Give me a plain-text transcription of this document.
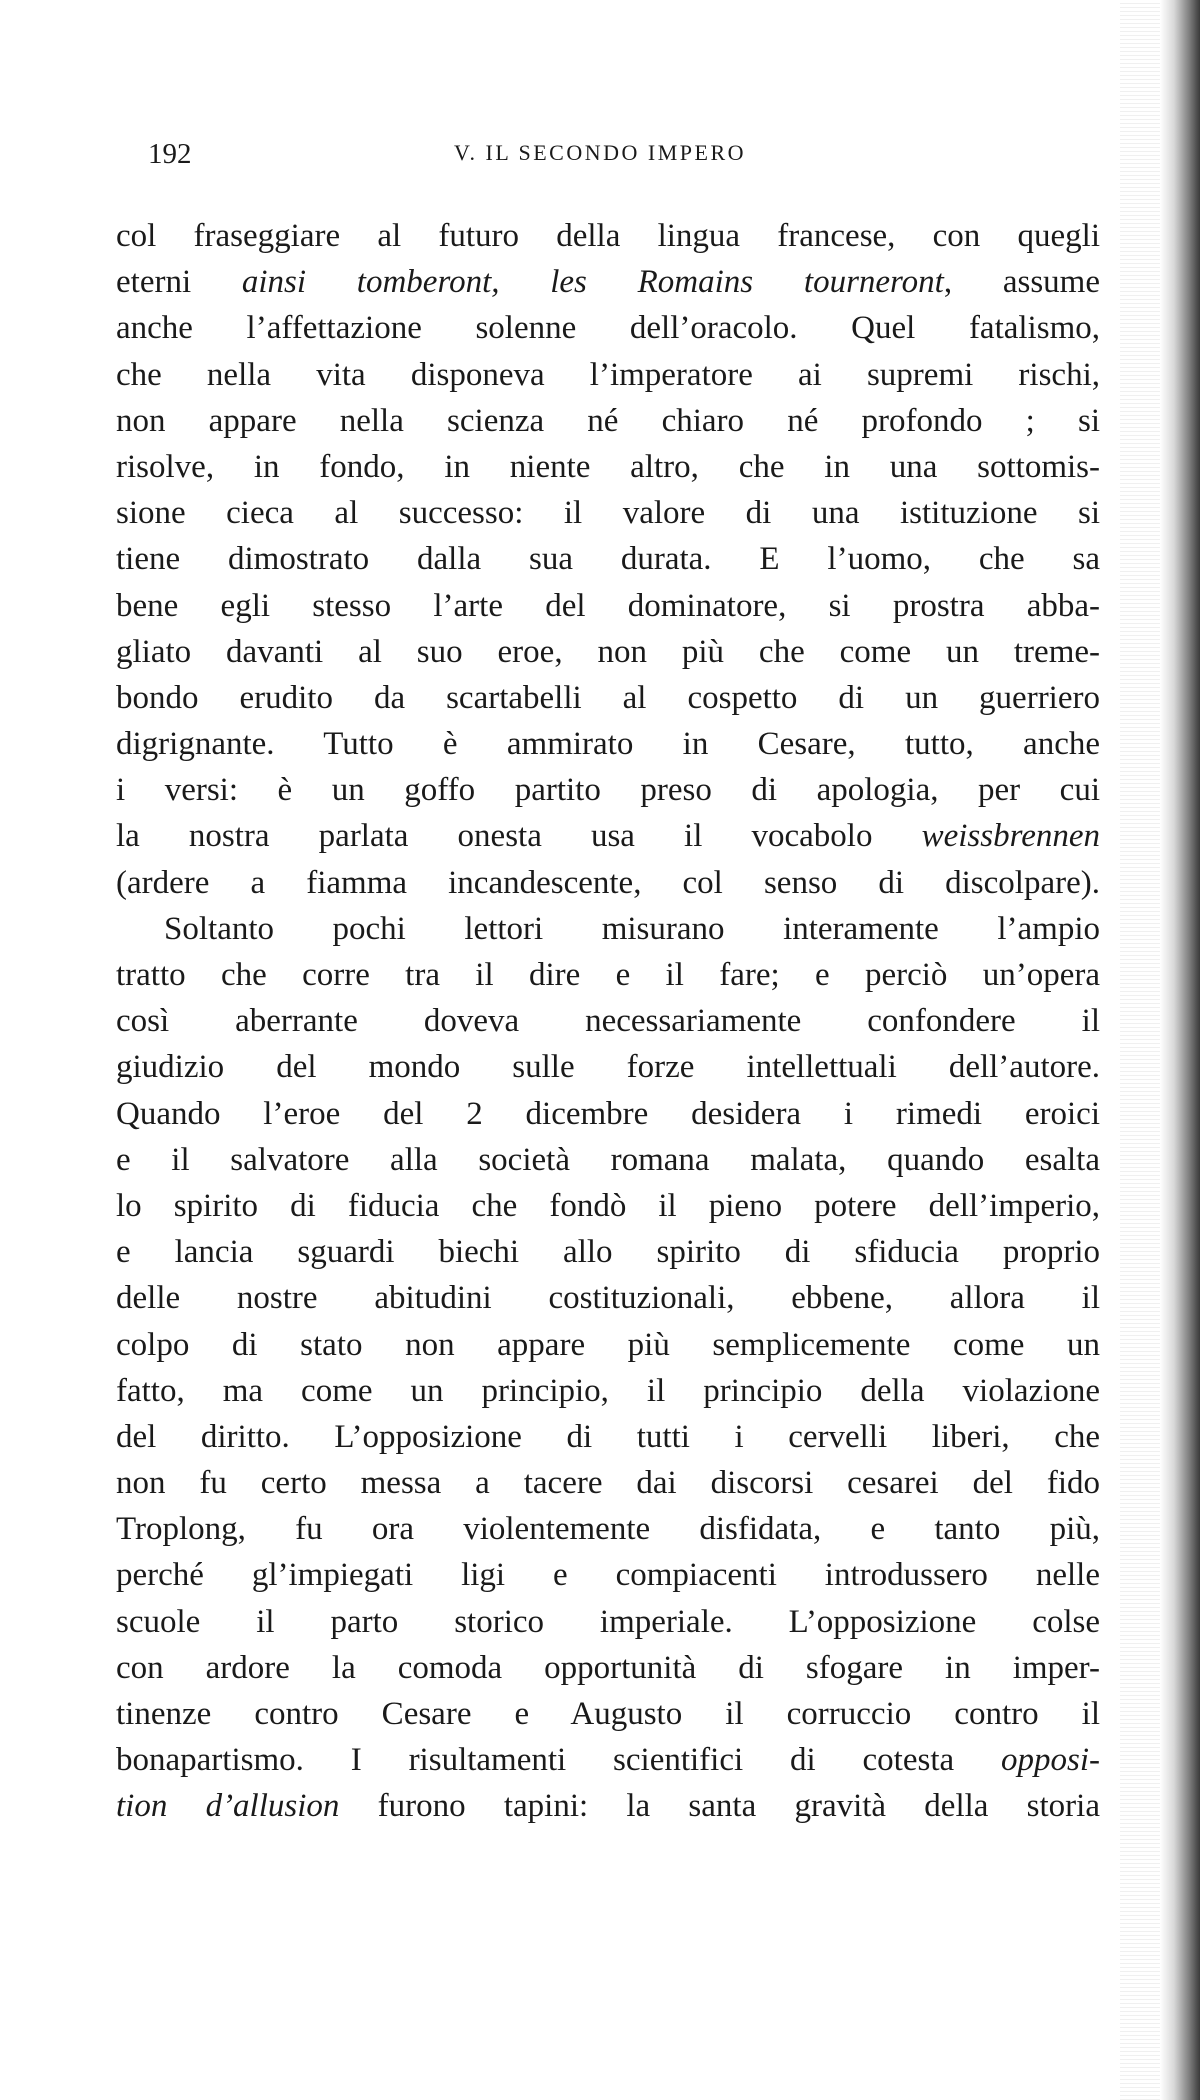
192	V. IL SECONDO IMPERO
col fraseggiare al futuro della lingua francese, con quegli
eterni ainsi tomberont, les Romains tourneront, assume
anche l’affettazione solenne dell’oracolo. Quel fatalismo,
che nella vita disponeva l’imperatore ai supremi rischi,
non appare nella scienza né chiaro né profondo ; si
risolve, in fondo, in niente altro, che in una sottomis-
sione cieca al successo: il valore di una istituzione si
tiene dimostrato dalla sua durata. E l’uomo, che sa
bene egli stesso l’arte del dominatore, si prostra abba-
gliato davanti al suo eroe, non più che come un treme-
bondo erudito da scartabelli al cospetto di un guerriero
digrignante. Tutto è ammirato in Cesare, tutto, anche
i versi: è un goffo partito preso di apologia, per cui
la nostra parlata onesta usa il vocabolo weissbrennen
(ardere a fiamma incandescente, col senso di discolpare).
Soltanto pochi lettori misurano interamente l’ampio
tratto che corre tra il dire e il fare; e perciò un’opera
così aberrante doveva necessariamente confondere il
giudizio del mondo sulle forze intellettuali dell’autore.
Quando l’eroe del 2 dicembre desidera i rimedi eroici
e il salvatore alla società romana malata, quando esalta
lo spirito di fiducia che fondò il pieno potere dell’imperio,
e lancia sguardi biechi allo spirito di sfiducia proprio
delle nostre abitudini costituzionali, ebbene, allora il
colpo di stato non appare più semplicemente come un
fatto, ma come un principio, il principio della violazione
del diritto. L’opposizione di tutti i cervelli liberi, che
non fu certo messa a tacere dai discorsi cesarei del fido
Troplong, fu ora violentemente disfidata, e tanto più,
perché gl’impiegati ligi e compiacenti introdussero nelle
scuole il parto storico imperiale. L’opposizione colse
con ardore la comoda opportunità di sfogare in imper-
tinenze contro Cesare e Augusto il corruccio contro il
bonapartismo. I risultamenti scientifici di cotesta opposi-
tion d’allusion furono tapini: la santa gravità della storia
